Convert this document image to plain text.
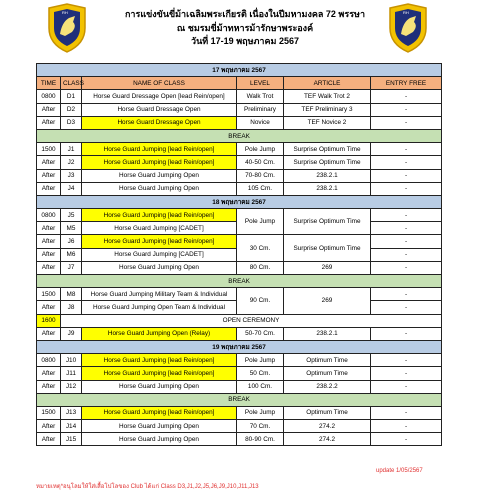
RH	RH
การแข่งขันขี่ม้าเฉลิมพระเกียรติ เนื่องในปีมหามงคล 72 พรรษา
ณ ชมรมขี่ม้าทหารม้ารักษาพระองค์
วันที่ 17-19 พฤษภาคม 2567
17 พฤษภาคม 2567					
TIME	CLASS	NAME OF CLASS	LEVEL	ARTICLE	ENTRY FREE
0800	D1	Horse Guard Dressage Open [lead Rein/open]	Walk Trot	TEF Walk Trot 2	-
After	D2	Horse Guard Dressage Open	Preliminary	TEF Preliminary 3	-
After	D3	Horse Guard Dressage Open	Novice	TEF Novice 2	-
BREAK					
1500	J1	Horse Guard Jumping [lead Rein/open]	Pole Jump	Surprise Optimum Time	-
After	J2	Horse Guard Jumping [lead Rein/open]	40-50 Cm.	Surprise Optimum Time	-
After	J3	Horse Guard Jumping Open	70-80 Cm.	238.2.1	-
After	J4	Horse Guard Jumping Open	105 Cm.	238.2.1	-
18 พฤษภาคม 2567					
0800	J5	Horse Guard Jumping [lead Rein/open]	Pole Jump	Surprise Optimum Time	-
After	M5	Horse Guard Jumping [CADET]			-
After	J6	Horse Guard Jumping [lead Rein/open]	30 Cm.	Surprise Optimum Time	-
After	M6	Horse Guard Jumping [CADET]			-
After	J7	Horse Guard Jumping Open	80 Cm.	269	-
BREAK					
1500	M8	Horse Guard Jumping Military Team & Individual	90 Cm.	269	-
After	J8	Horse Guard Jumping Open Team & Individual			-
1600	OPEN CEREMONY				
After	J9	Horse Guard Jumping Open (Relay)	50-70 Cm.	238.2.1	-
19 พฤษภาคม 2567					
0800	J10	Horse Guard Jumping [lead Rein/open]	Pole Jump	Optimum Time	-
After	J11	Horse Guard Jumping [lead Rein/open]	50 Cm.	Optimum Time	-
After	J12	Horse Guard Jumping Open	100 Cm.	238.2.2	-
BREAK					
1500	J13	Horse Guard Jumping [lead Rein/open]	Pole Jump	Optimum Time	-
After	J14	Horse Guard Jumping Open	70 Cm.	274.2	-
After	J15	Horse Guard Jumping Open	80-90 Cm.	274.2	-
update 1/05/2567
หมายเหตุ*อนุโลมให้ใส่เสื้อโปโลของ Club ได้แก่ Class D3,J1,J2,J5,J6,J9,J10,J11,J13
